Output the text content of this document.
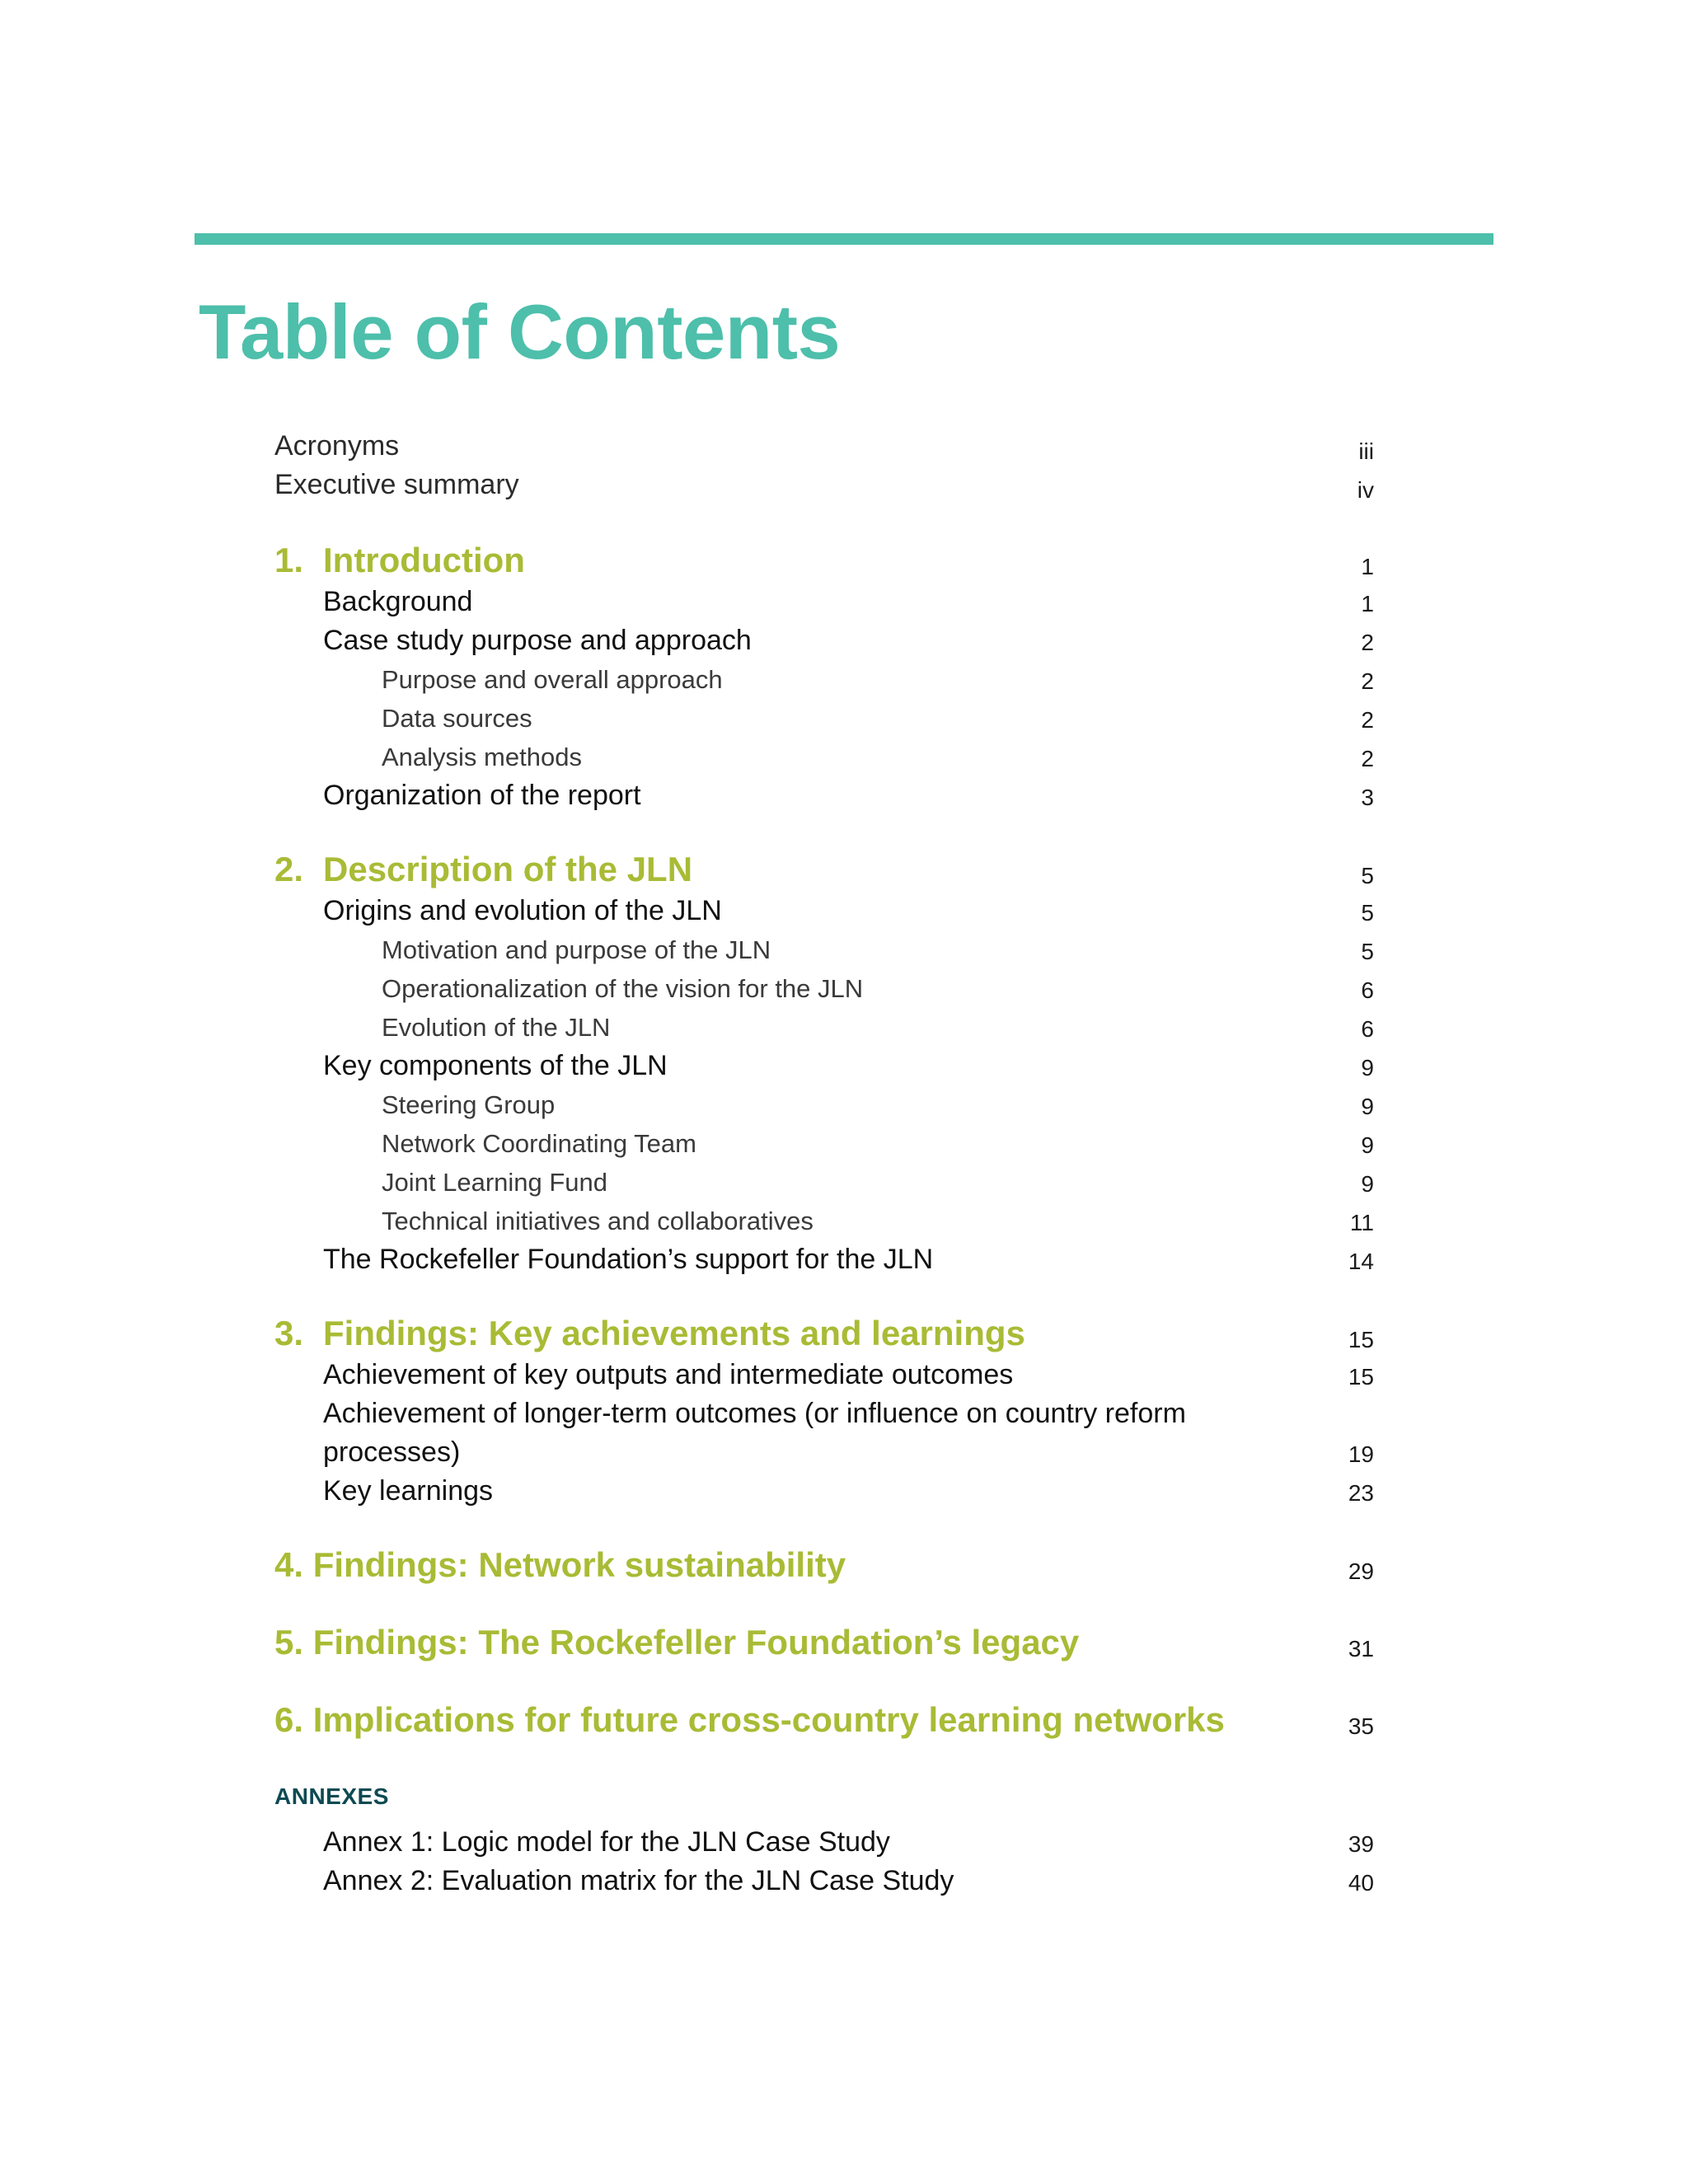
Table of Contents
Acronyms	iii
Executive summary	iv
1. Introduction	1
Background	1
Case study purpose and approach	2
Purpose and overall approach	2
Data sources	2
Analysis methods	2
Organization of the report	3
2. Description of the JLN	5
Origins and evolution of the JLN	5
Motivation and purpose of the JLN	5
Operationalization of the vision for the JLN	6
Evolution of the JLN	6
Key components of the JLN	9
Steering Group	9
Network Coordinating Team	9
Joint Learning Fund	9
Technical initiatives and collaboratives	11
The Rockefeller Foundation’s support for the JLN	14
3. Findings: Key achievements and learnings	15
Achievement of key outputs and intermediate outcomes	15
Achievement of longer-term outcomes (or influence on country reform
processes)	19
Key learnings	23
4. Findings: Network sustainability	29
5. Findings: The Rockefeller Foundation’s legacy	31
6. Implications for future cross-country learning networks	35
ANNEXES
Annex 1: Logic model for the JLN Case Study	39
Annex 2: Evaluation matrix for the JLN Case Study	40
